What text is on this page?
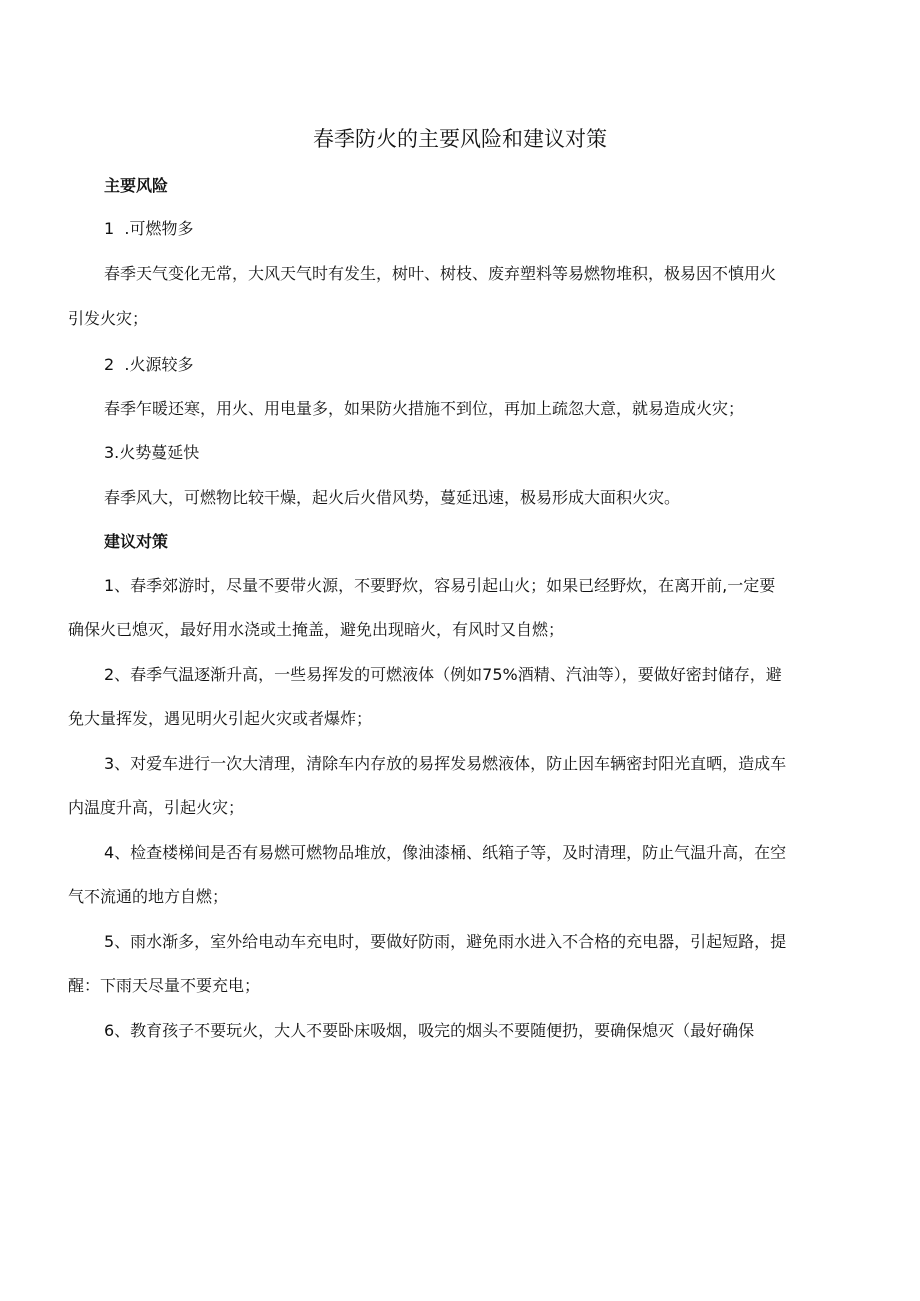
春季防火的主要风险和建议对策
主要风险
1  .可燃物多
春季天气变化无常，大风天气时有发生，树叶、树枝、废弃塑料等易燃物堆积，极易因不慎用火
引发火灾；
2  .火源较多
春季乍暖还寒，用火、用电量多，如果防火措施不到位，再加上疏忽大意，就易造成火灾；
3.火势蔓延快
春季风大，可燃物比较干燥，起火后火借风势，蔓延迅速，极易形成大面积火灾。
建议对策
1、春季郊游时，尽量不要带火源，不要野炊，容易引起山火；如果已经野炊，在离开前,一定要
确保火已熄灭，最好用水浇或土掩盖，避免出现暗火，有风时又自燃；
2、春季气温逐渐升高，一些易挥发的可燃液体（例如75%酒精、汽油等），要做好密封储存，避
免大量挥发，遇见明火引起火灾或者爆炸；
3、对爱车进行一次大清理，清除车内存放的易挥发易燃液体，防止因车辆密封阳光直晒，造成车
内温度升高，引起火灾；
4、检查楼梯间是否有易燃可燃物品堆放，像油漆桶、纸箱子等，及时清理，防止气温升高，在空
气不流通的地方自燃；
5、雨水渐多，室外给电动车充电时，要做好防雨，避免雨水进入不合格的充电器，引起短路，提
醒：下雨天尽量不要充电；
6、教育孩子不要玩火，大人不要卧床吸烟，吸完的烟头不要随便扔，要确保熄灭（最好确保
